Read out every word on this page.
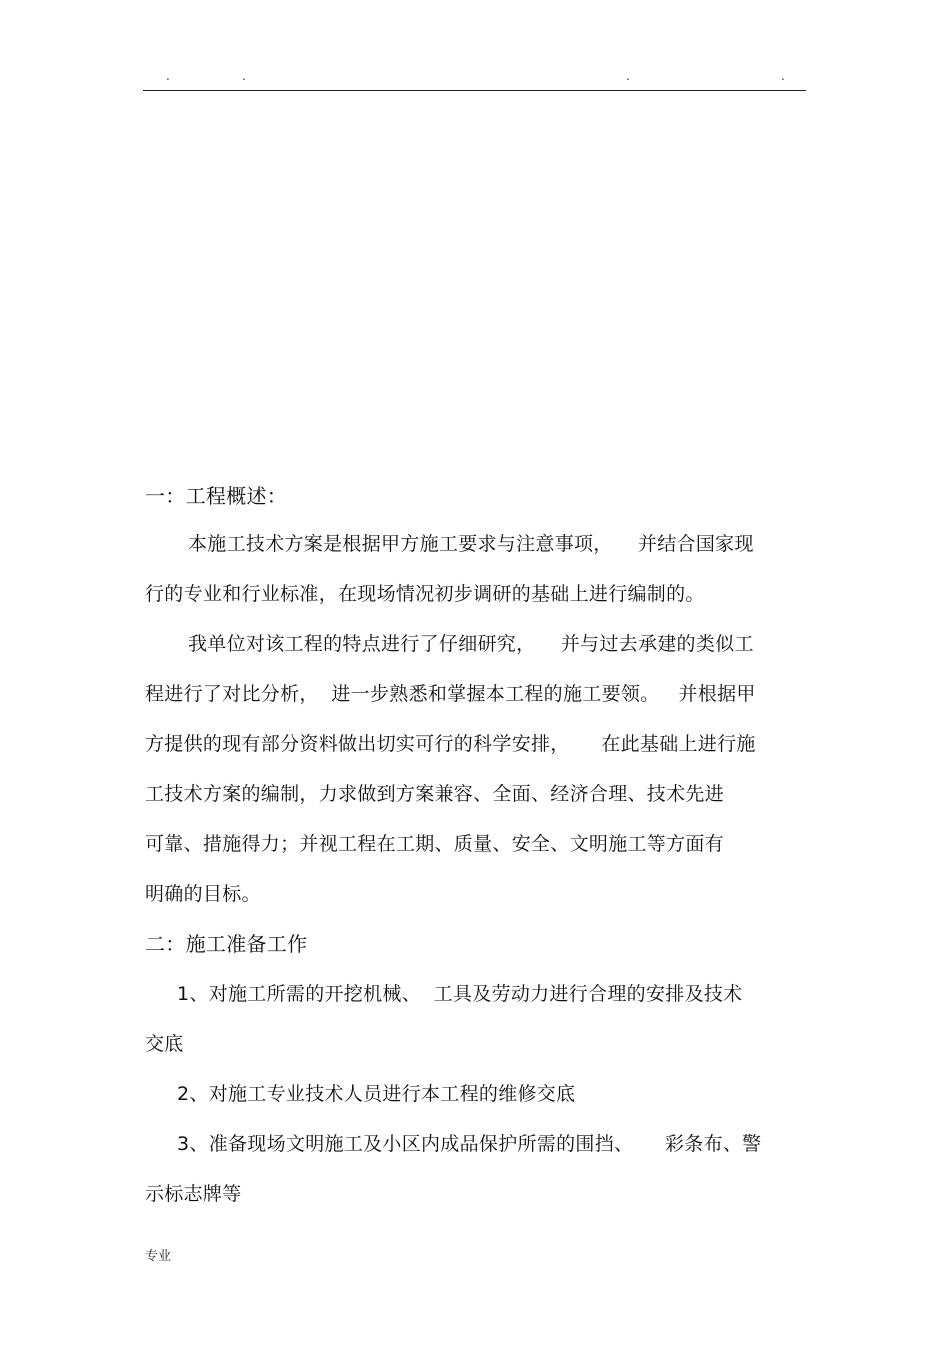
.	.	.	.
一：工程概述：
本施工技术方案是根据甲方施工要求与注意事项，    并结合国家现
行的专业和行业标准，在现场情况初步调研的基础上进行编制的。
我单位对该工程的特点进行了仔细研究，    并与过去承建的类似工
程进行了对比分析，  进一步熟悉和掌握本工程的施工要领。   并根据甲
方提供的现有部分资料做出切实可行的科学安排，     在此基础上进行施
工技术方案的编制，力求做到方案兼容、全面、经济合理、技术先进
可靠、措施得力；并视工程在工期、质量、安全、文明施工等方面有
明确的目标。
二：施工准备工作
1、对施工所需的开挖机械、  工具及劳动力进行合理的安排及技术
交底
2、对施工专业技术人员进行本工程的维修交底
3、准备现场文明施工及小区内成品保护所需的围挡、     彩条布、警
示标志牌等
专业
